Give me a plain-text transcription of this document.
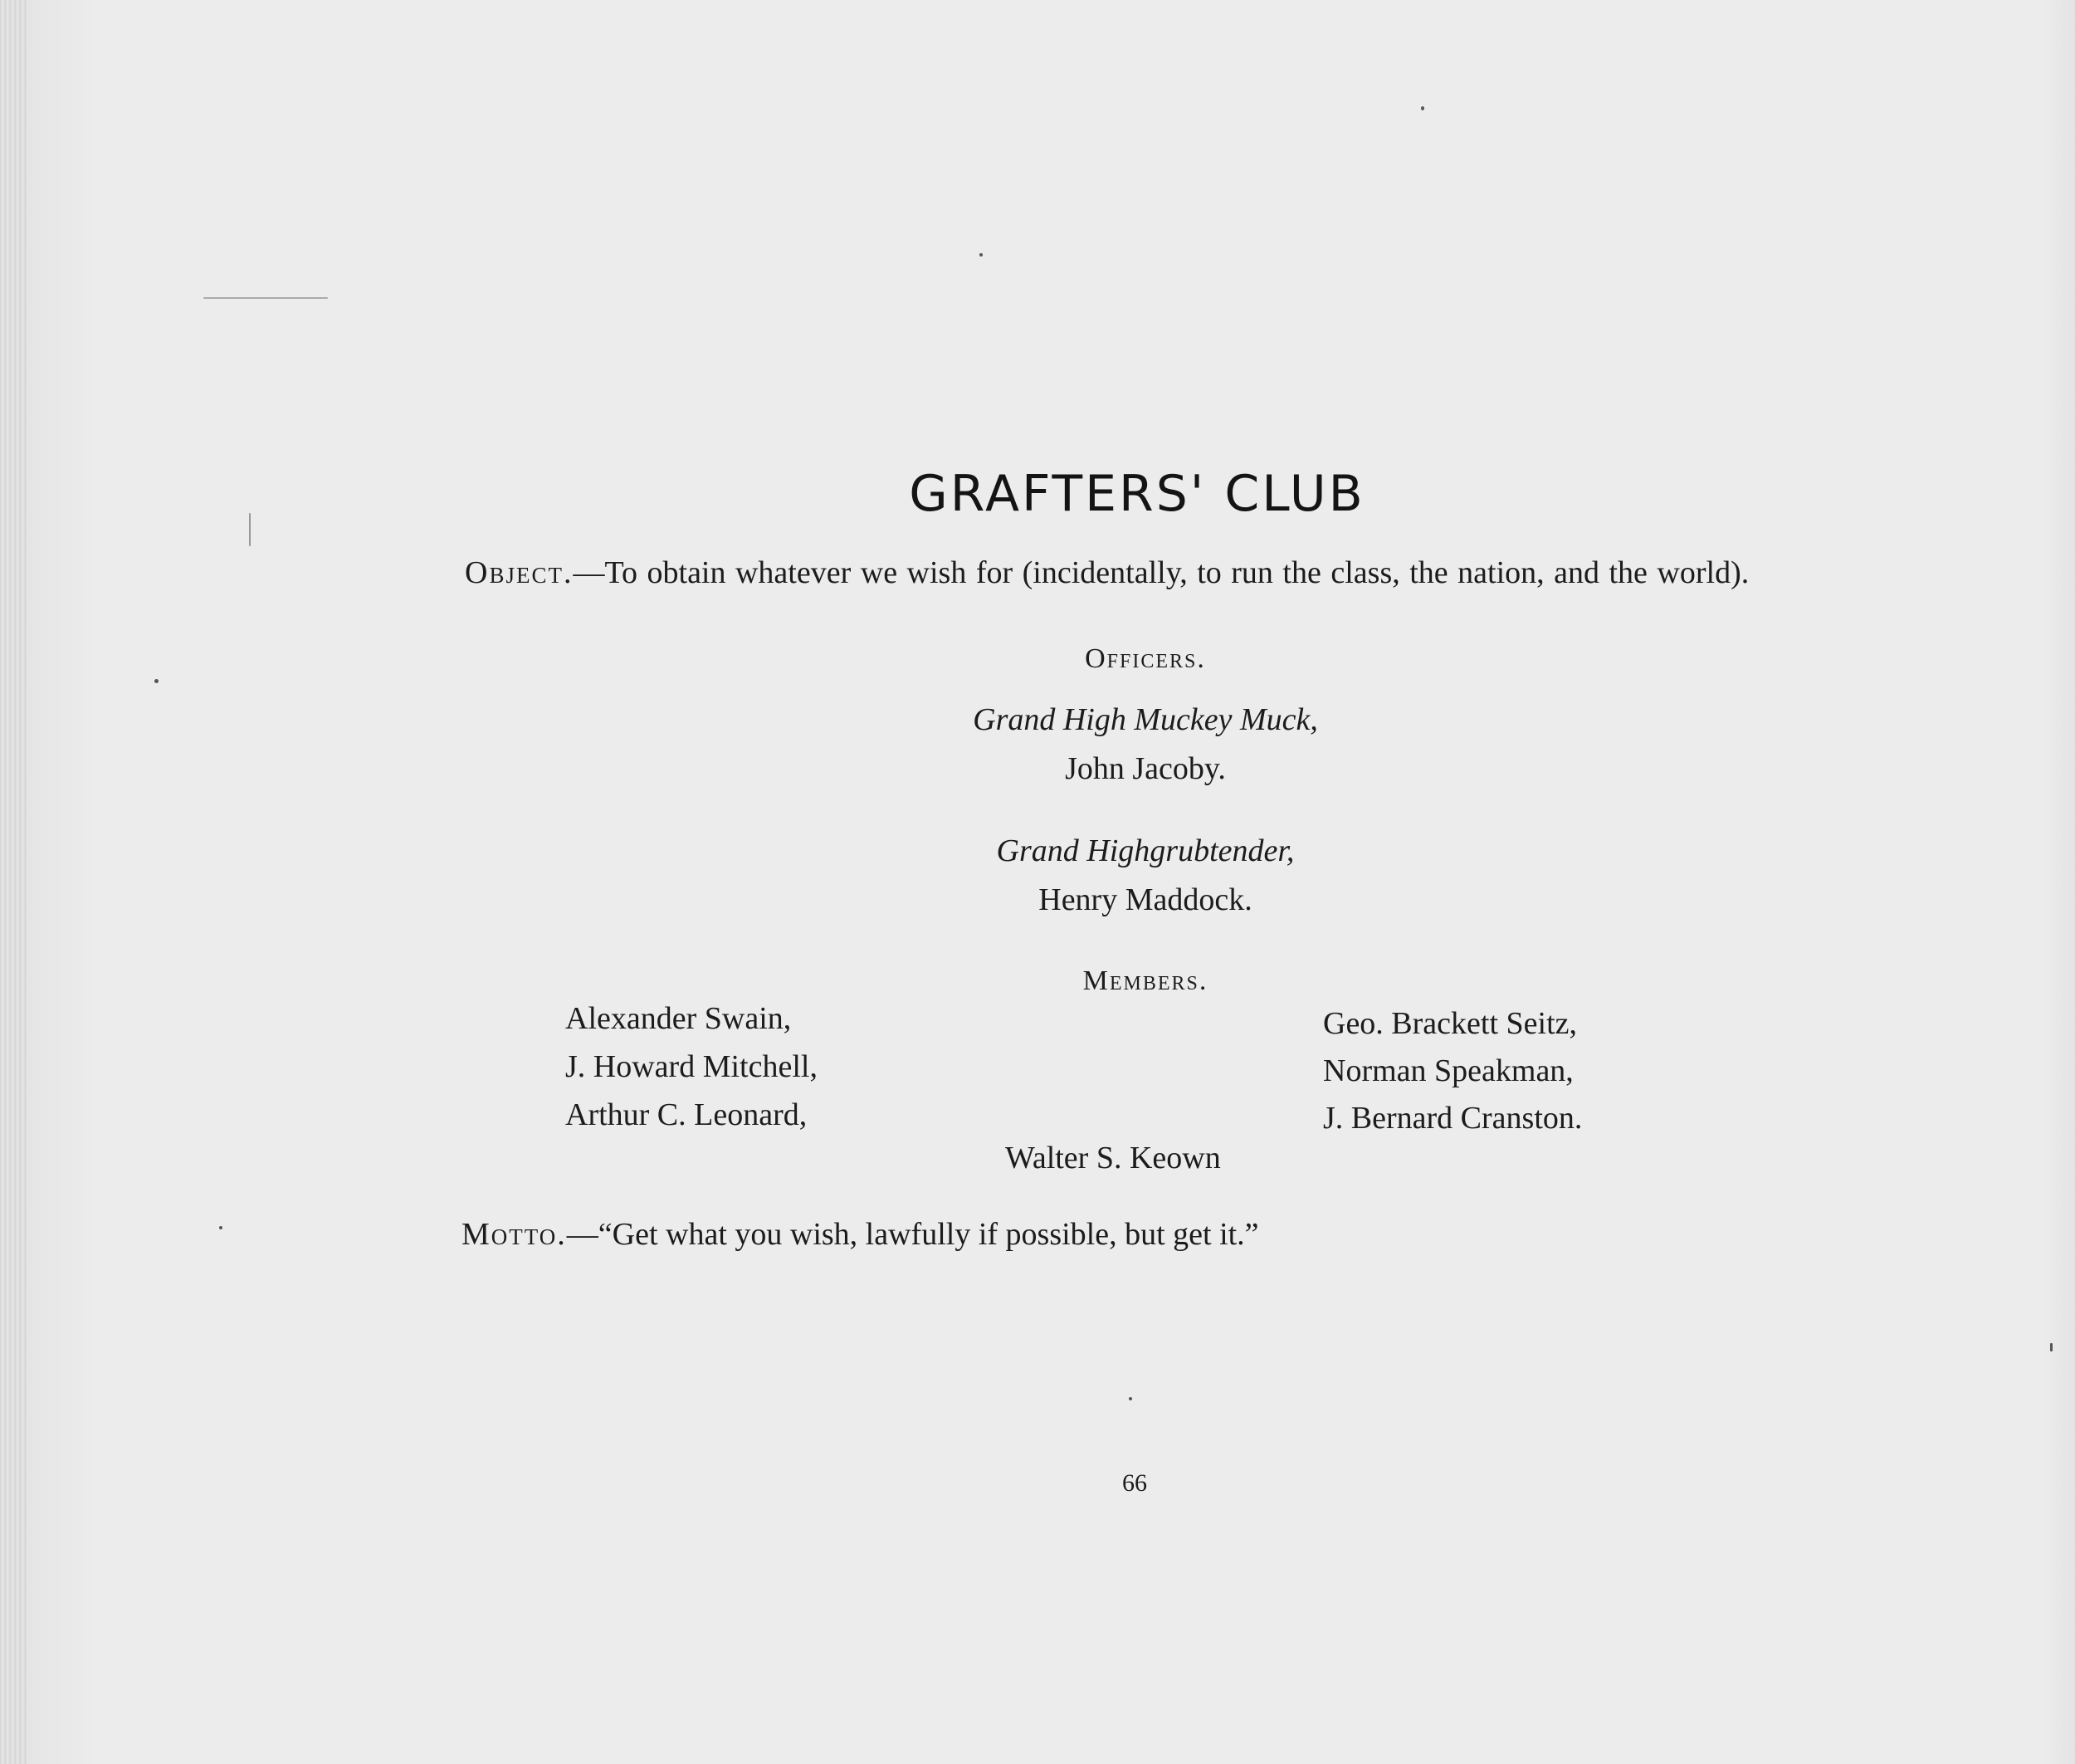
GRAFTERS' CLUB
Object.—To obtain whatever we wish for (incidentally, to run the class, the nation, and the world).
Officers.
Grand High Muckey Muck,
John Jacoby.
Grand Highgrubtender,
Henry Maddock.
Members.
Alexander Swain,
J. Howard Mitchell,
Arthur C. Leonard,
Geo. Brackett Seitz,
Norman Speakman,
J. Bernard Cranston.
Walter S. Keown
Motto.—“Get what you wish, lawfully if possible, but get it.”
66
